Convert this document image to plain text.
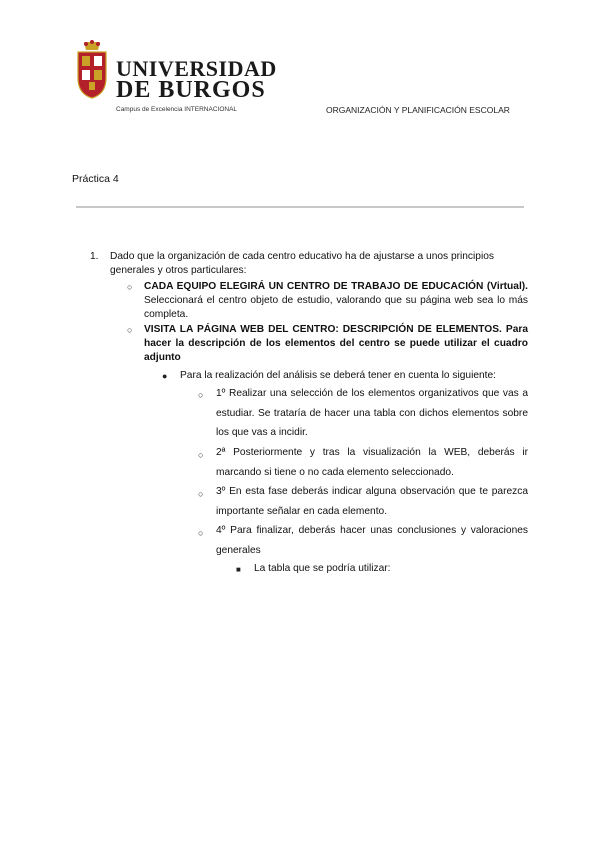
UNIVERSIDAD
DE BURGOS
Campus de Excelencia INTERNACIONAL	ORGANIZACIÓN Y PLANIFICACIÓN ESCOLAR
Práctica 4
1. Dado que la organización de cada centro educativo ha de ajustarse a unos principios generales y otros particulares:
○ CADA EQUIPO ELEGIRÁ UN CENTRO DE TRABAJO DE EDUCACIÓN (Virtual). Seleccionará el centro objeto de estudio, valorando que su página web sea lo más completa.
○ VISITA LA PÁGINA WEB DEL CENTRO: DESCRIPCIÓN DE ELEMENTOS. Para hacer la descripción de los elementos del centro se puede utilizar el cuadro adjunto
● Para la realización del análisis se deberá tener en cuenta lo siguiente:
○ 1º Realizar una selección de los elementos organizativos que vas a estudiar. Se trataría de hacer una tabla con dichos elementos sobre los que vas a incidir.
○ 2ª Posteriormente y tras la visualización la WEB, deberás ir marcando si tiene o no cada elemento seleccionado.
○ 3º En esta fase deberás indicar alguna observación que te parezca importante señalar en cada elemento.
○ 4º Para finalizar, deberás hacer unas conclusiones y valoraciones generales
■ La tabla que se podría utilizar:
